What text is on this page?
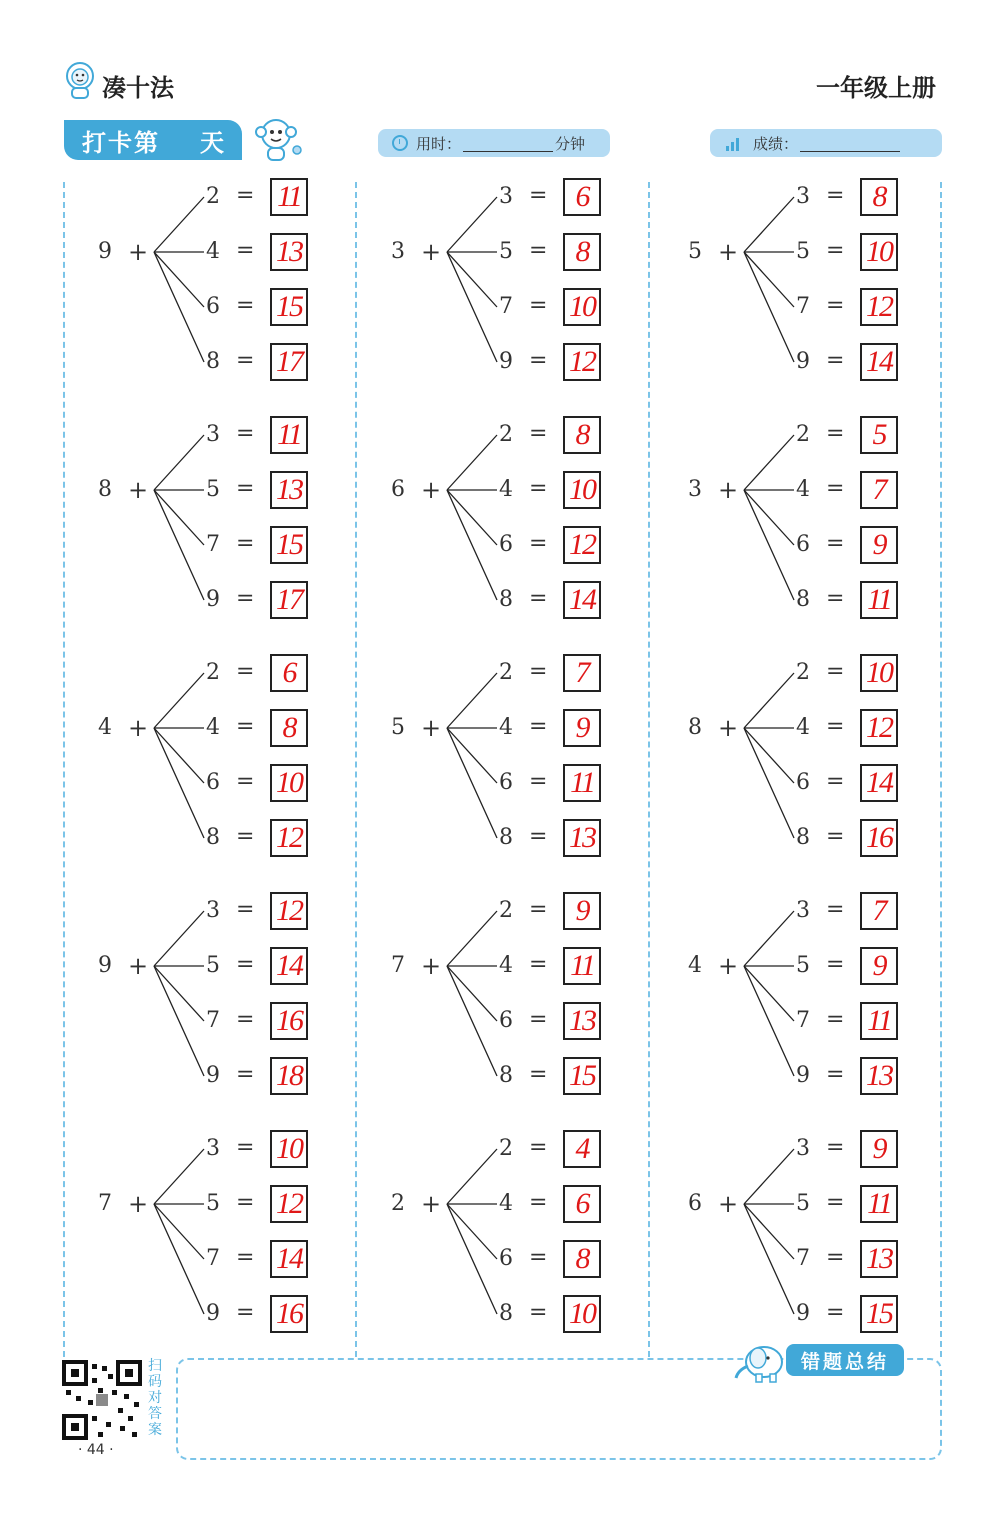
凑十法	一年级上册
打卡第 天	用时：	分钟	成绩：
9 +
2 = 11
4 = 13
6 = 15
8 = 17
8 +
3 = 11
5 = 13
7 = 15
9 = 17
4 +
2 = 6
4 = 8
6 = 10
8 = 12
9 +
3 = 12
5 = 14
7 = 16
9 = 18
7 +
3 = 10
5 = 12
7 = 14
9 = 16
3 +
3 = 6
5 = 8
7 = 10
9 = 12
6 +
2 = 8
4 = 10
6 = 12
8 = 14
5 +
2 = 7
4 = 9
6 = 11
8 = 13
7 +
2 = 9
4 = 11
6 = 13
8 = 15
2 +
2 = 4
4 = 6
6 = 8
8 = 10
5 +
3 = 8
5 = 10
7 = 12
9 = 14
3 +
2 = 5
4 = 7
6 = 9
8 = 11
8 +
2 = 10
4 = 12
6 = 14
8 = 16
4 +
3 = 7
5 = 9
7 = 11
9 = 13
6 +
3 = 9
5 = 11
7 = 13
9 = 15
扫码对答案
· 44 ·
错题总结
